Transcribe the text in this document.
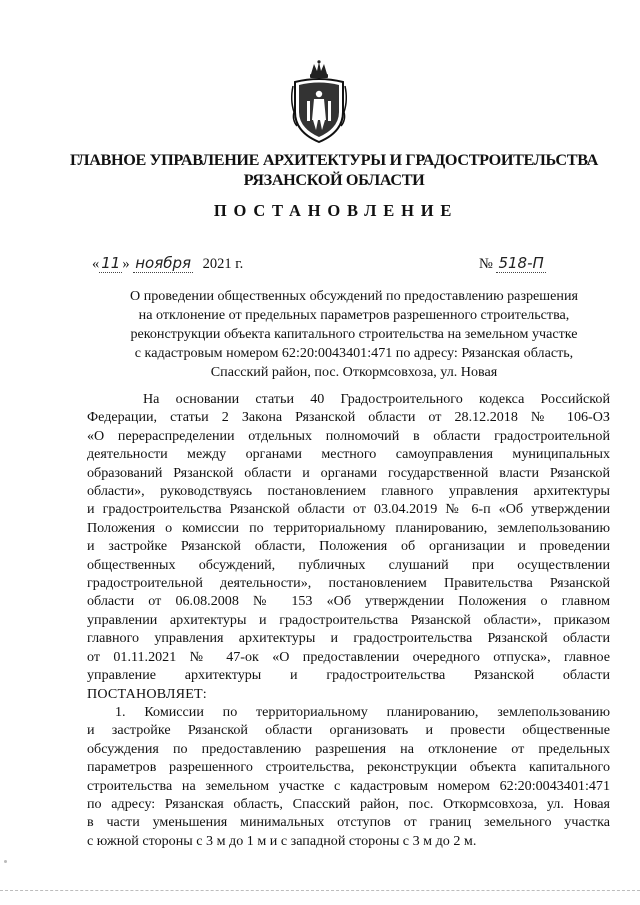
ГЛАВНОЕ УПРАВЛЕНИЕ АРХИТЕКТУРЫ И ГРАДОСТРОИТЕЛЬСТВА
РЯЗАНСКОЙ ОБЛАСТИ
ПОСТАНОВЛЕНИЕ
« 11 » ноября 2021 г.	№ 518-П
О проведении общественных обсуждений по предоставлению разрешения
на отклонение от предельных параметров разрешенного строительства,
реконструкции объекта капитального строительства на земельном участке
с кадастровым номером 62:20:0043401:471 по адресу: Рязанская область,
Спасский район, пос. Откормсовхоза, ул. Новая
На основании статьи 40 Градостроительного кодекса Российской
Федерации, статьи 2 Закона Рязанской области от 28.12.2018 № 106-ОЗ
«О перераспределении отдельных полномочий в области градостроительной
деятельности между органами местного самоуправления муниципальных
образований Рязанской области и органами государственной власти Рязанской
области», руководствуясь постановлением главного управления архитектуры
и градостроительства Рязанской области от 03.04.2019 № 6-п «Об утверждении
Положения о комиссии по территориальному планированию, землепользованию
и застройке Рязанской области, Положения об организации и проведении
общественных обсуждений, публичных слушаний при осуществлении
градостроительной деятельности», постановлением Правительства Рязанской
области от 06.08.2008 № 153 «Об утверждении Положения о главном
управлении архитектуры и градостроительства Рязанской области», приказом
главного управления архитектуры и градостроительства Рязанской области
от 01.11.2021 № 47-ок «О предоставлении очередного отпуска», главное
управление архитектуры и градостроительства Рязанской области
ПОСТАНОВЛЯЕТ:
1. Комиссии по территориальному планированию, землепользованию
и застройке Рязанской области организовать и провести общественные
обсуждения по предоставлению разрешения на отклонение от предельных
параметров разрешенного строительства, реконструкции объекта капитального
строительства на земельном участке с кадастровым номером 62:20:0043401:471
по адресу: Рязанская область, Спасский район, пос. Откормсовхоза, ул. Новая
в части уменьшения минимальных отступов от границ земельного участка
с южной стороны с 3 м до 1 м и с западной стороны с 3 м до 2 м.
